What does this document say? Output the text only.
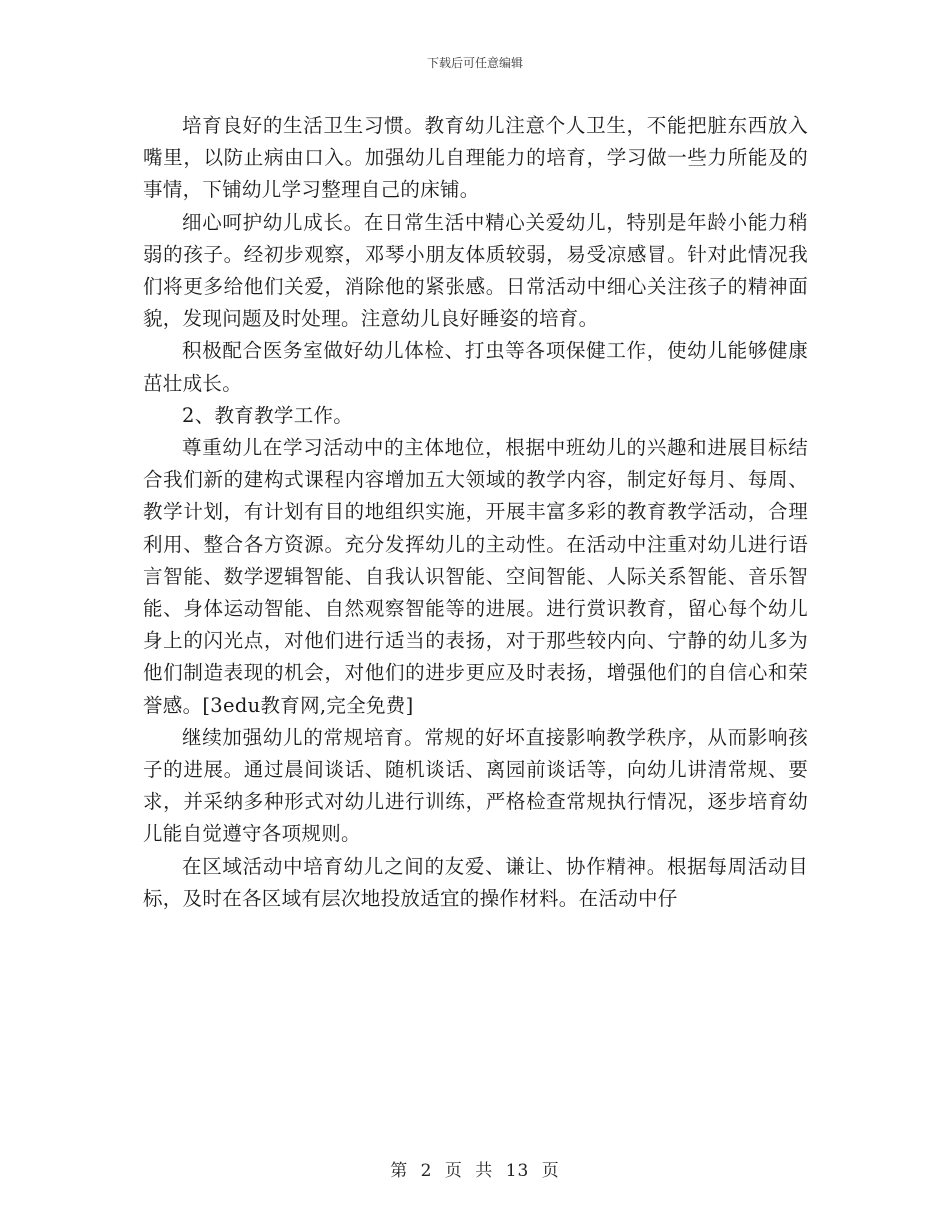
下载后可任意编辑

培育良好的生活卫生习惯。教育幼儿注意个人卫生，不能把脏东西放入嘴里，以防止病由口入。加强幼儿自理能力的培育，学习做一些力所能及的事情，下铺幼儿学习整理自己的床铺。

细心呵护幼儿成长。在日常生活中精心关爱幼儿，特别是年龄小能力稍弱的孩子。经初步观察，邓琴小朋友体质较弱，易受凉感冒。针对此情况我们将更多给他们关爱，消除他的紧张感。日常活动中细心关注孩子的精神面貌，发现问题及时处理。注意幼儿良好睡姿的培育。

积极配合医务室做好幼儿体检、打虫等各项保健工作，使幼儿能够健康茁壮成长。

2、教育教学工作。

尊重幼儿在学习活动中的主体地位，根据中班幼儿的兴趣和进展目标结合我们新的建构式课程内容增加五大领域的教学内容，制定好每月、每周、教学计划，有计划有目的地组织实施，开展丰富多彩的教育教学活动，合理利用、整合各方资源。充分发挥幼儿的主动性。在活动中注重对幼儿进行语言智能、数学逻辑智能、自我认识智能、空间智能、人际关系智能、音乐智能、身体运动智能、自然观察智能等的进展。进行赏识教育，留心每个幼儿身上的闪光点，对他们进行适当的表扬，对于那些较内向、宁静的幼儿多为他们制造表现的机会，对他们的进步更应及时表扬，增强他们的自信心和荣誉感。[3edu教育网,完全免费]

继续加强幼儿的常规培育。常规的好坏直接影响教学秩序，从而影响孩子的进展。通过晨间谈话、随机谈话、离园前谈话等，向幼儿讲清常规、要求，并采纳多种形式对幼儿进行训练，严格检查常规执行情况，逐步培育幼儿能自觉遵守各项规则。

在区域活动中培育幼儿之间的友爱、谦让、协作精神。根据每周活动目标，及时在各区域有层次地投放适宜的操作材料。在活动中仔

第 2 页 共 13 页
